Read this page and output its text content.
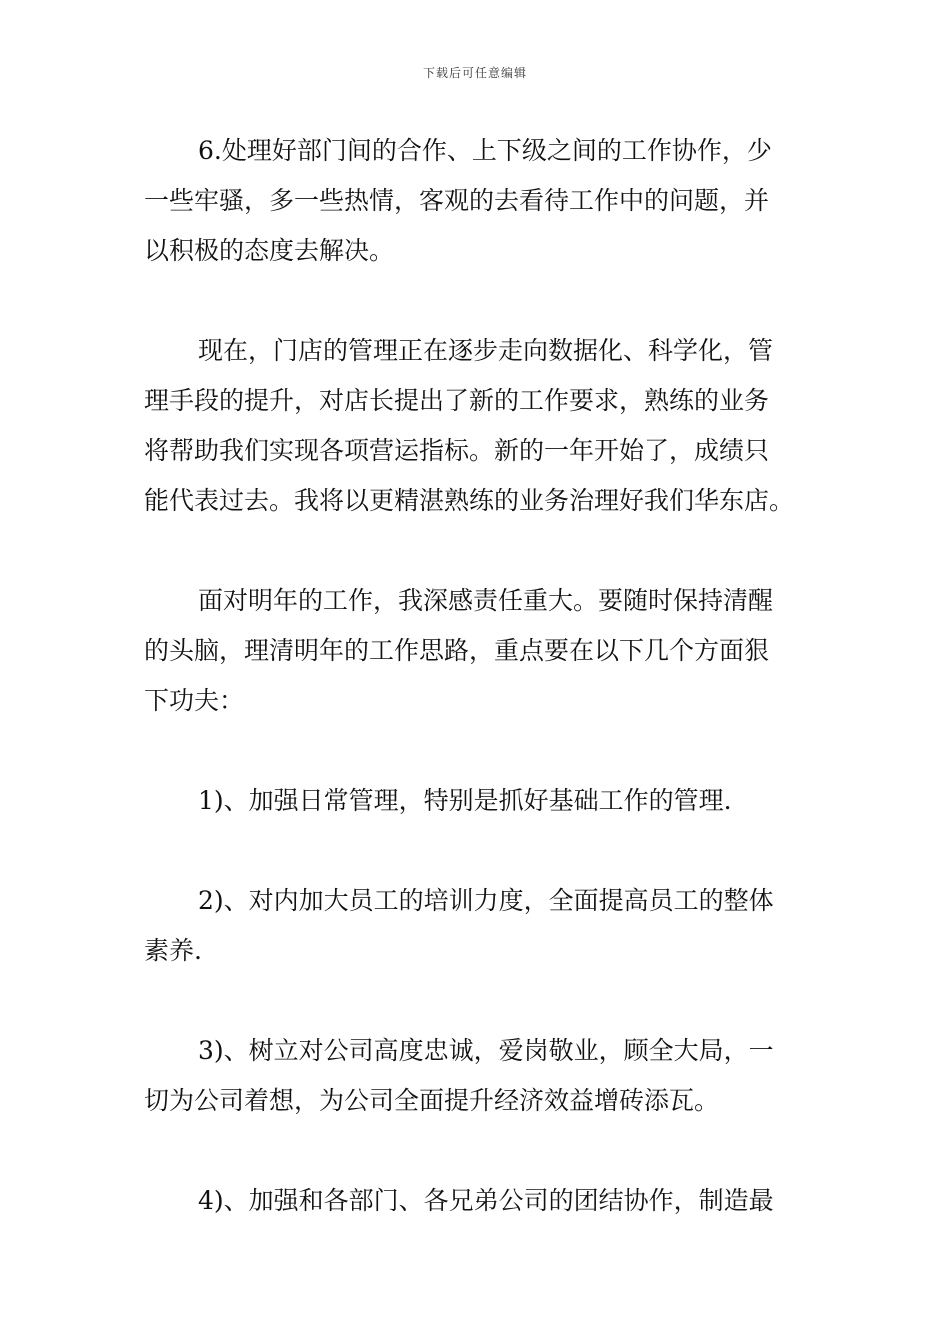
下载后可任意编辑
6.处理好部门间的合作、上下级之间的工作协作，少
一些牢骚，多一些热情，客观的去看待工作中的问题，并
以积极的态度去解决。
现在，门店的管理正在逐步走向数据化、科学化，管
理手段的提升，对店长提出了新的工作要求，熟练的业务
将帮助我们实现各项营运指标。新的一年开始了，成绩只
能代表过去。我将以更精湛熟练的业务治理好我们华东店。
面对明年的工作，我深感责任重大。要随时保持清醒
的头脑，理清明年的工作思路，重点要在以下几个方面狠
下功夫：
1)、加强日常管理，特别是抓好基础工作的管理.
2)、对内加大员工的培训力度，全面提高员工的整体
素养.
3)、树立对公司高度忠诚，爱岗敬业，顾全大局，一
切为公司着想，为公司全面提升经济效益增砖添瓦。
4)、加强和各部门、各兄弟公司的团结协作，制造最
